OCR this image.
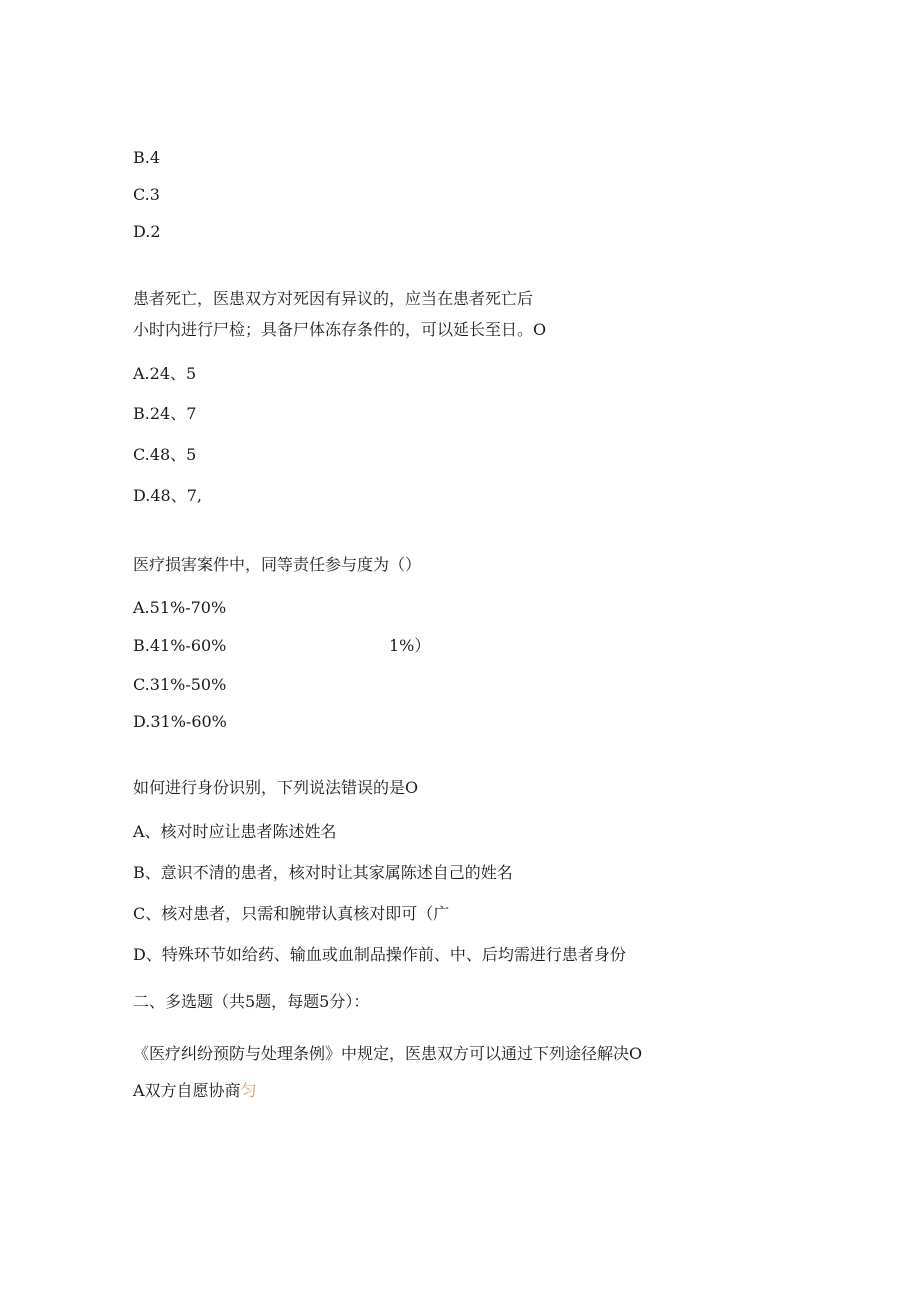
B.4
C.3
D.2
患者死亡，医患双方对死因有异议的，应当在患者死亡后
小时内进行尸检；具备尸体冻存条件的，可以延长至日。O
A.24、5
B.24、7
C.48、5
D.48、7,
医疗损害案件中，同等责任参与度为（）
A.51%-70%
B.41%-60%	1%）
C.31%-50%
D.31%-60%
如何进行身份识别，下列说法错误的是O
A、核对时应让患者陈述姓名
B、意识不清的患者，核对时让其家属陈述自己的姓名
C、核对患者，只需和腕带认真核对即可（广
D、特殊环节如给药、输血或血制品操作前、中、后均需进行患者身份
二、多选题（共5题，每题5分）：
《医疗纠纷预防与处理条例》中规定，医患双方可以通过下列途径解决O
A双方自愿协商匀
